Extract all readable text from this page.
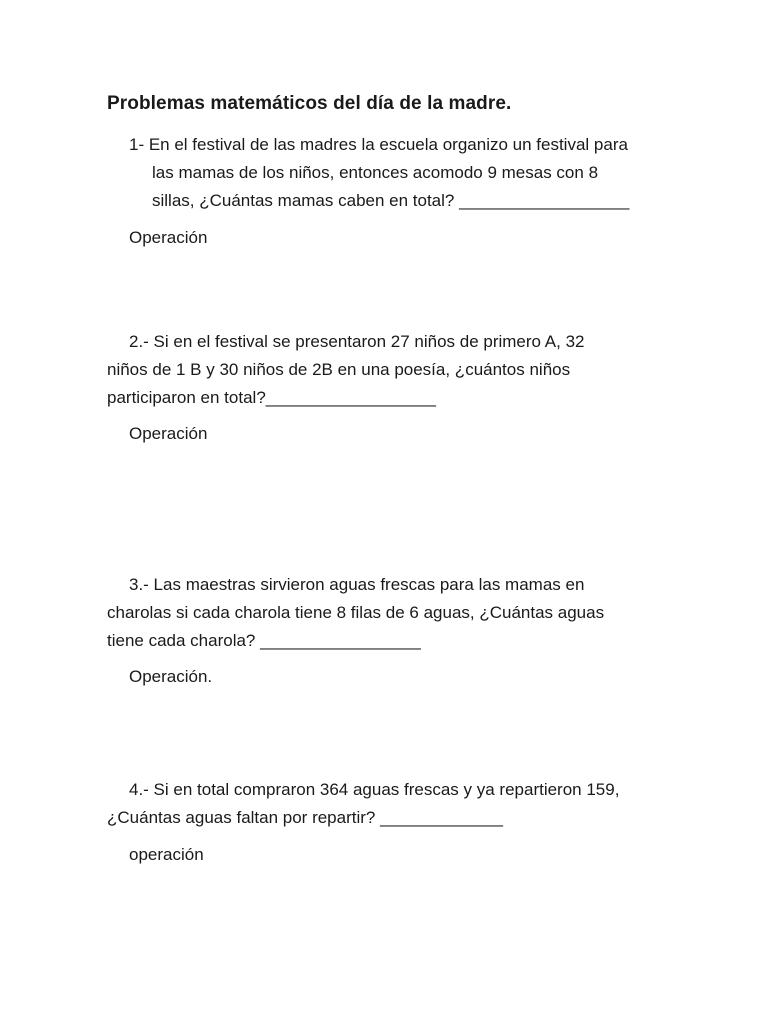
Problemas matemáticos del día de la madre.
1- En el festival de las madres la escuela organizo un festival para
las mamas de los niños, entonces acomodo 9 mesas con 8
sillas, ¿Cuántas mamas caben en total? __________________
Operación
2.- Si en el festival se presentaron 27 niños de primero A, 32
niños de 1 B y 30 niños de 2B en una poesía, ¿cuántos niños
participaron en total?__________________
Operación
3.- Las maestras sirvieron aguas frescas para las mamas en
charolas si cada charola tiene 8 filas de 6 aguas, ¿Cuántas aguas
tiene cada charola? _________________
Operación.
4.- Si en total compraron 364 aguas frescas y ya repartieron 159,
¿Cuántas aguas faltan por repartir? _____________
operación
